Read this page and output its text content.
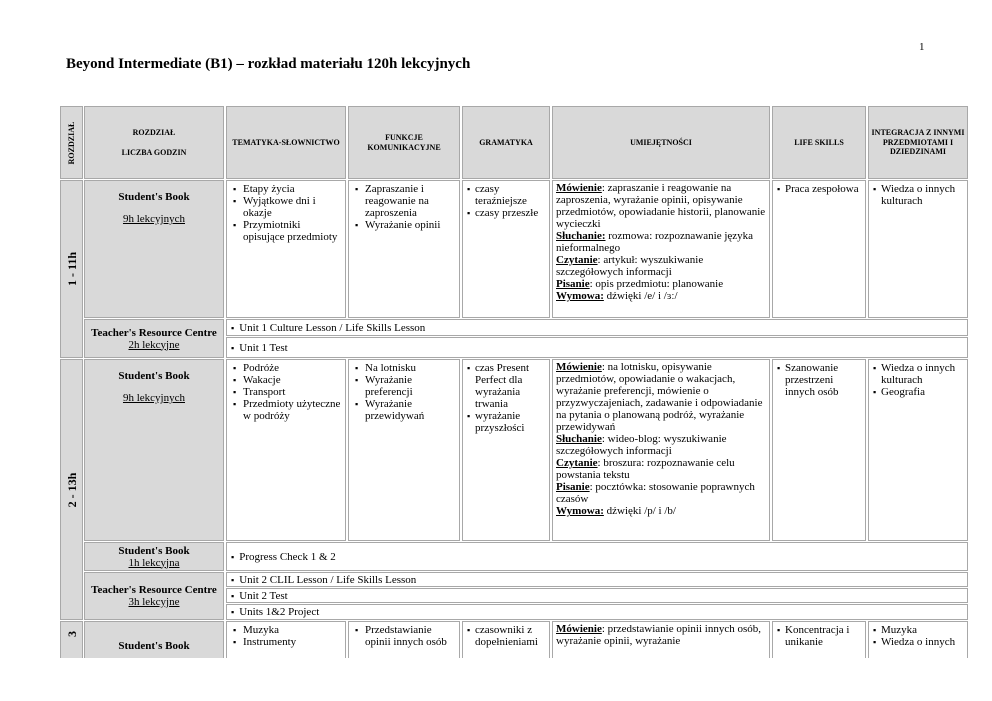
1
Beyond Intermediate (B1) – rozkład materiału 120h lekcyjnych
ROZDZIAŁ	ROZDZIAŁ
LICZBA GODZIN
TEMATYKA-SŁOWNICTWO
FUNKCJE KOMUNIKACYJNE
GRAMATYKA	UMIEJĘTNOŚCI	LIFE SKILLS
INTEGRACJA Z INNYMI PRZEDMIOTAMI I DZIEDZINAMI
1 - 11h
Student's Book
9h lekcyjnych
▪ Etapy życia
▪ Wyjątkowe dni i okazje
▪ Przymiotniki opisujące przedmioty
▪ Zapraszanie i reagowanie na zaproszenia
▪ Wyrażanie opinii
▪ czasy teraźniejsze
▪ czasy przeszłe

Mówienie: zapraszanie i reagowanie na zaproszenia, wyrażanie opinii, opisywanie przedmiotów, opowiadanie historii, planowanie wycieczki

Słuchanie: rozmowa: rozpoznawanie języka nieformalnego

Czytanie: artykuł: wyszukiwanie szczegółowych informacji

Pisanie: opis przedmiotu: planowanie

Wymowa: dźwięki /e/ i /ɜː/

▪ Praca zespołowa
▪	Wiedza o innych kulturach
Teacher's Resource Centre
2h lekcyjne
▪ Unit 1 Culture Lesson / Life Skills Lesson
▪ Unit 1 Test
2 - 13h
Student's Book
9h lekcyjnych
▪ Podróże
▪ Wakacje
▪ Transport
▪ Przedmioty użyteczne w podróży
▪ Na lotnisku
▪ Wyrażanie preferencji
▪ Wyrażanie przewidywań
▪ czas Present Perfect dla wyrażania trwania
▪ wyrażanie przyszłości

Mówienie: na lotnisku, opisywanie przedmiotów, opowiadanie o wakacjach, wyrażanie preferencji, mówienie o przyzwyczajeniach, zadawanie i odpowiadanie na pytania o planowaną podróż, wyrażanie przewidywań

Słuchanie: wideo-blog: wyszukiwanie szczegółowych informacji

Czytanie: broszura: rozpoznawanie celu powstania tekstu

Pisanie: pocztówka: stosowanie poprawnych czasów

Wymowa: dźwięki /p/ i /b/

▪ Szanowanie przestrzeni innych osób
▪ Wiedza o innych kulturach
▪ Geografia
Student's Book
1h lekcyjna	▪ Progress Check 1 & 2
Teacher's Resource Centre
3h lekcyjne
▪ Unit 2 CLIL Lesson / Life Skills Lesson
▪ Unit 2 Test
▪ Units 1&2 Project
3
Student's Book
▪ Muzyka
▪ Instrumenty
▪ Przedstawianie opinii innych osób
▪ czasowniki z dopełnieniami

Mówienie: przedstawianie opinii innych osób, wyrażanie opinii, wyrażanie

▪ Koncentracja i unikanie
▪ Muzyka
▪ Wiedza o innych
